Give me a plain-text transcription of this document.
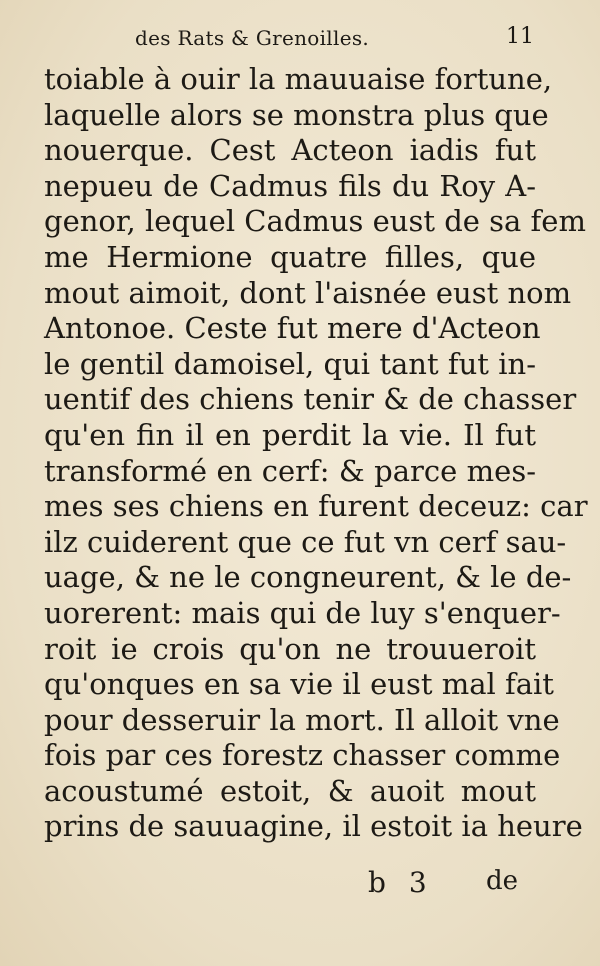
des Rats & Grenoilles.	11
toiable à ouir la mauuaise fortune,
laquelle alors se monstra plus que
nouerque. Cest Acteon iadis fut
nepueu de Cadmus fils du Roy A-
genor, lequel Cadmus eust de sa fem
me Hermione quatre filles, que
mout aimoit, dont l'aisnée eust nom
Antonoe. Ceste fut mere d'Acteon
le gentil damoisel, qui tant fut in-
uentif des chiens tenir & de chasser
qu'en fin il en perdit la vie. Il fut
transformé en cerf: & parce mes-
mes ses chiens en furent deceuz: car
ilz cuiderent que ce fut vn cerf sau-
uage, & ne le congneurent, & le de-
uorerent: mais qui de luy s'enquer-
roit ie crois qu'on ne trouueroit
qu'onques en sa vie il eust mal fait
pour desseruir la mort. Il alloit vne
fois par ces forestz chasser comme
acoustumé estoit, & auoit mout
prins de sauuagine, il estoit ia heure
b 3 de
